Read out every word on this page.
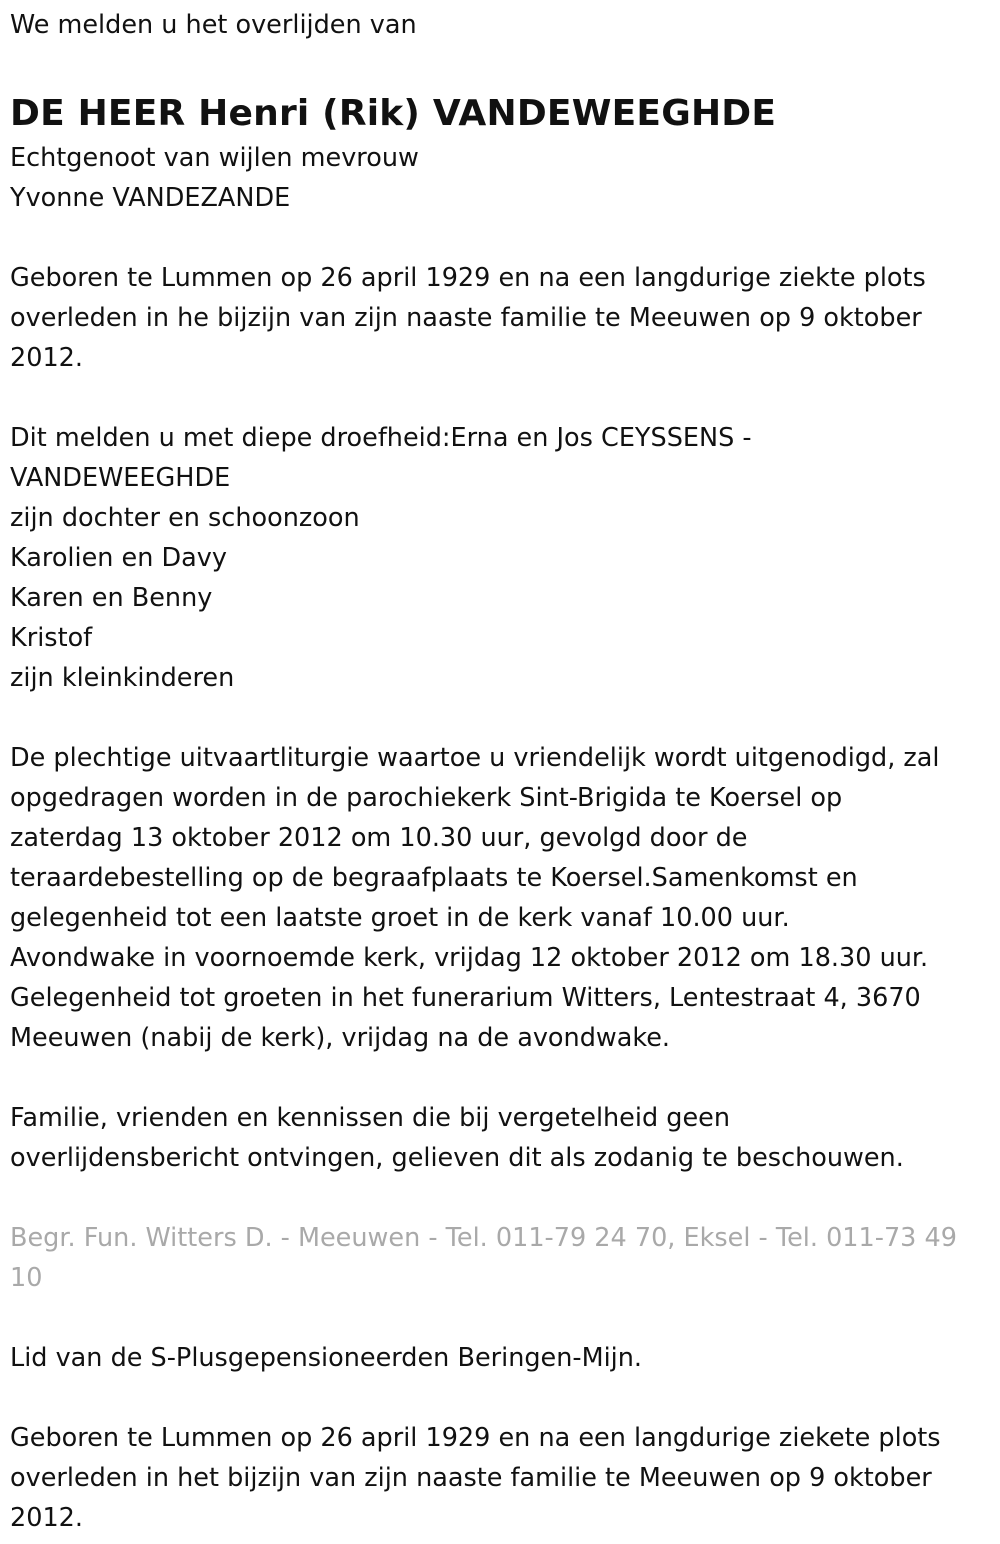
We melden u het overlijden van

DE HEER Henri (Rik) VANDEWEEGHDE

Echtgenoot van wijlen mevrouw

Yvonne VANDEZANDE

Geboren te Lummen op 26 april 1929 en na een langdurige ziekte plots

overleden in he bijzijn van zijn naaste familie te Meeuwen op 9 oktober

2012.

Dit melden u met diepe droefheid:Erna en Jos CEYSSENS -

VANDEWEEGHDE

zijn dochter en schoonzoon

Karolien en Davy

Karen en Benny

Kristof

zijn kleinkinderen

De plechtige uitvaartliturgie waartoe u vriendelijk wordt uitgenodigd, zal

opgedragen worden in de parochiekerk Sint-Brigida te Koersel op

zaterdag 13 oktober 2012 om 10.30 uur, gevolgd door de

teraardebestelling op de begraafplaats te Koersel.Samenkomst en

gelegenheid tot een laatste groet in de kerk vanaf 10.00 uur.

Avondwake in voornoemde kerk, vrijdag 12 oktober 2012 om 18.30 uur.

Gelegenheid tot groeten in het funerarium Witters, Lentestraat 4, 3670

Meeuwen (nabij de kerk), vrijdag na de avondwake.

Familie, vrienden en kennissen die bij vergetelheid geen

overlijdensbericht ontvingen, gelieven dit als zodanig te beschouwen.

Begr. Fun. Witters D. - Meeuwen - Tel. 011-79 24 70, Eksel - Tel. 011-73 49

10

Lid van de S-Plusgepensioneerden Beringen-Mijn.

Geboren te Lummen op 26 april 1929 en na een langdurige ziekete plots

overleden in het bijzijn van zijn naaste familie te Meeuwen op 9 oktober

2012.
